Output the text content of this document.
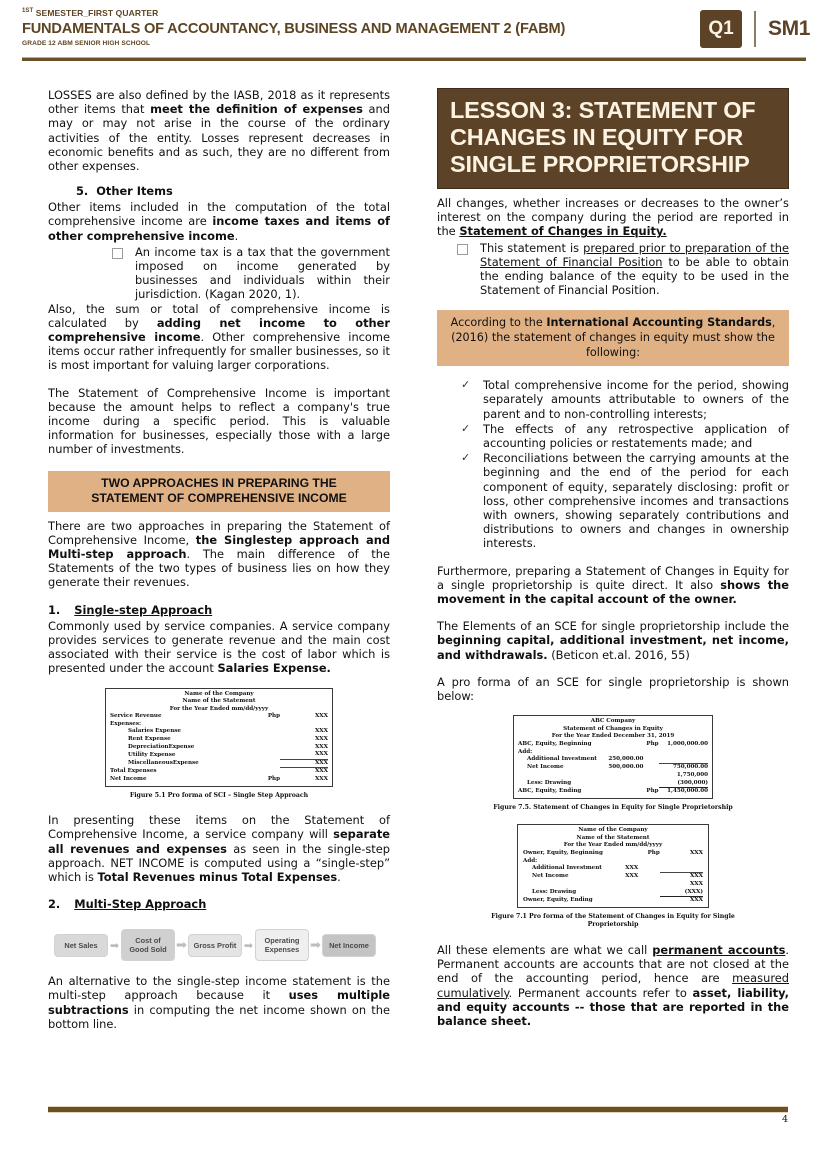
$^{1ST}$ SEMESTER_FIRST QUARTER
FUNDAMENTALS OF ACCOUNTANCY, BUSINESS AND MANAGEMENT 2 (FABM)
GRADE 12 ABM SENIOR HIGH SCHOOL
Q1	SM1

LOSSES are also defined by the IASB, 2018 as it represents other items that meet the definition of expenses and may or may not arise in the course of the ordinary activities of the entity. Losses represent decreases in economic benefits and as such, they are no different from other expenses.

5. Other Items

Other items included in the computation of the total comprehensive income are income taxes and items of other comprehensive income.

An income tax is a tax that the government imposed on income generated by businesses and individuals within their jurisdiction. (Kagan 2020, 1).

Also, the sum or total of comprehensive income is calculated by adding net income to other comprehensive income. Other comprehensive income items occur rather infrequently for smaller businesses, so it is most important for valuing larger corporations.

The Statement of Comprehensive Income is important because the amount helps to reflect a company's true income during a specific period. This is valuable information for businesses, especially those with a large number of investments.

TWO APPROACHES IN PREPARING THE
STATEMENT OF COMPREHENSIVE INCOME

There are two approaches in preparing the Statement of Comprehensive Income, the Singlestep approach and Multi-step approach. The main difference of the Statements of the two types of business lies on how they generate their revenues.

1. Single-step Approach

Commonly used by service companies. A service company provides services to generate revenue and the main cost associated with their service is the cost of labor which is presented under the account Salaries Expense.

Name of the Company
Name of the Statement
For the Year Ended mm/dd/yyyy
Service Revenue		Php	XXX
Expenses:			
Salaries Expense			XXX
Rent Expense			XXX
DepreciationExpense			XXX
Utility Expense			XXX
MiscellaneousExpense			XXX
Total Expenses			XXX
Net Income		Php	XXX
Figure 5.1 Pro forma of SCI – Single Step Approach

In presenting these items on the Statement of Comprehensive Income, a service company will separate all revenues and expenses as seen in the single-step approach. NET INCOME is computed using a “single-step” which is Total Revenues minus Total Expenses.

2. Multi-Step Approach
Net Sales	➡	Cost of Good Sold ➡ Gross Profit ➡	Operating Expenses ➡	Net Income

An alternative to the single-step income statement is the multi-step approach because it uses multiple subtractions in computing the net income shown on the bottom line.

LESSON 3: STATEMENT OF
CHANGES IN EQUITY FOR
SINGLE PROPRIETORSHIP

All changes, whether increases or decreases to the owner’s interest on the company during the period are reported in the Statement of Changes in Equity.

This statement is prepared prior to preparation of the Statement of Financial Position to be able to obtain the ending balance of the equity to be used in the Statement of Financial Position.
According to the International Accounting Standards, (2016) the statement of changes in equity must show the following:
✓	Total comprehensive income for the period, showing separately amounts attributable to owners of the parent and to non-controlling interests;
✓	The effects of any retrospective application of accounting policies or restatements made; and
✓	Reconciliations between the carrying amounts at the beginning and the end of the period for each component of equity, separately disclosing: profit or loss, other comprehensive incomes and transactions with owners, showing separately contributions and distributions to owners and changes in ownership interests.

Furthermore, preparing a Statement of Changes in Equity for a single proprietorship is quite direct. It also shows the movement in the capital account of the owner.

The Elements of an SCE for single proprietorship include the beginning capital, additional investment, net income, and withdrawals. (Beticon et.al. 2016, 55)

A pro forma of an SCE for single proprietorship is shown below:

ABC Company
Statement of Changes in Equity
For the Year Ended December 31, 2019
ABC, Equity, Beginning		Php	1,000,000.00
Add:			
Additional Investment	250,000.00		
Net Income	500,000.00		750,000.00
			1,750,000
Less: Drawing			(300,000)
ABC, Equity, Ending		Php	1,450,000.00
Figure 7.5. Statement of Changes in Equity for Single Proprietorship
Name of the Company
Name of the Statement
For the Year Ended mm/dd/yyyy
Owner, Equity, Beginning		Php	XXX
Add:			
Additional Investment	XXX		
Net Income	XXX		XXX
			XXX
Less: Drawing			(XXX)
Owner, Equity, Ending			XXX
Figure 7.1 Pro forma of the Statement of Changes in Equity for Single
Proprietorship

All these elements are what we call permanent accounts. Permanent accounts are accounts that are not closed at the end of the accounting period, hence are measured cumulatively. Permanent accounts refer to asset, liability, and equity accounts -- those that are reported in the balance sheet.

4
